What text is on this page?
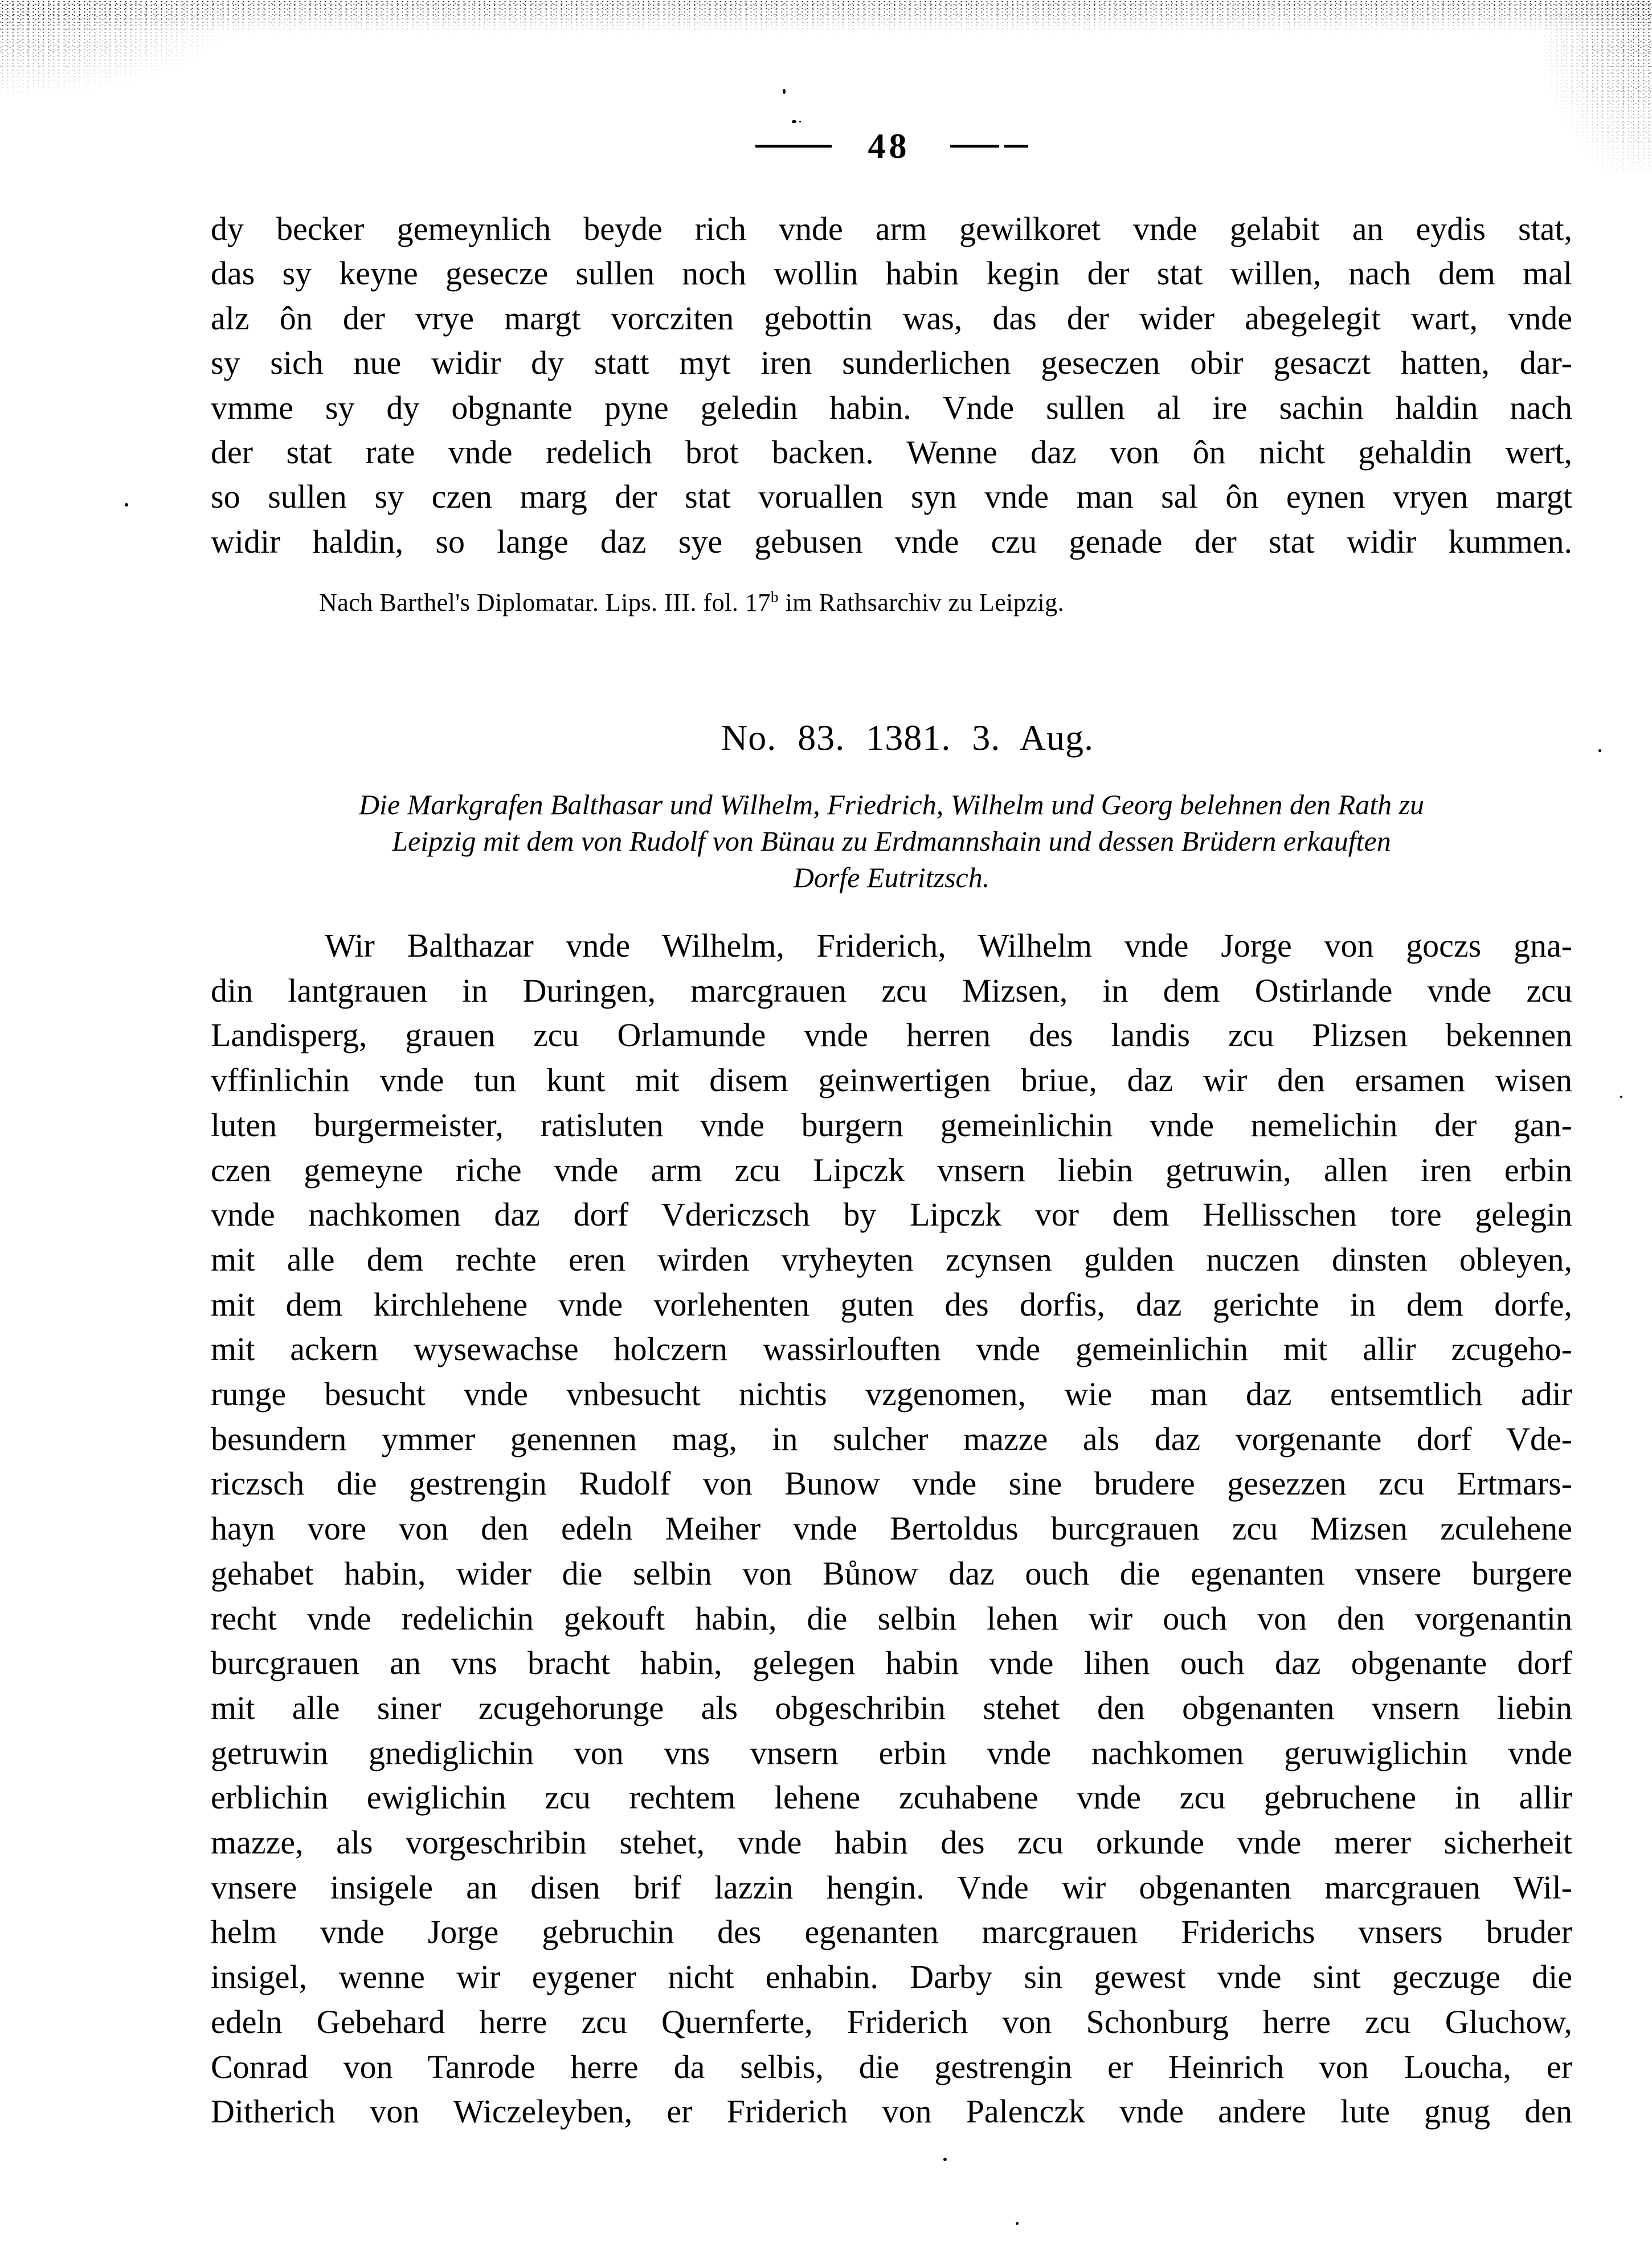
48
dy becker gemeynlich beyde rich vnde arm gewilkoret vnde gelabit an eydis stat,
das sy keyne gesecze sullen noch wollin habin kegin der stat willen, nach dem mal
alz ôn der vrye margt vorcziten gebottin was, das der wider abegelegit wart, vnde
sy sich nue widir dy statt myt iren sunderlichen geseczen obir gesaczt hatten, dar-
vmme sy dy obgnante pyne geledin habin. Vnde sullen al ire sachin haldin nach
der stat rate vnde redelich brot backen. Wenne daz von ôn nicht gehaldin wert,
so sullen sy czen marg der stat voruallen syn vnde man sal ôn eynen vryen margt
widir haldin, so lange daz sye gebusen vnde czu genade der stat widir kummen.
Nach Barthel's Diplomatar. Lips. III. fol. 17$^b$ im Rathsarchiv zu Leipzig.
No. 83. 1381. 3. Aug.
Die Markgrafen Balthasar und Wilhelm, Friedrich, Wilhelm und Georg belehnen den Rath zu
Leipzig mit dem von Rudolf von Bünau zu Erdmannshain und dessen Brüdern erkauften
Dorfe Eutritzsch.
Wir Balthazar vnde Wilhelm, Friderich, Wilhelm vnde Jorge von goczs gna-
din lantgrauen in Duringen, marcgrauen zcu Mizsen, in dem Ostirlande vnde zcu
Landisperg, grauen zcu Orlamunde vnde herren des landis zcu Plizsen bekennen
vffinlichin vnde tun kunt mit disem geinwertigen briue, daz wir den ersamen wisen
luten burgermeister, ratisluten vnde burgern gemeinlichin vnde nemelichin der gan-
czen gemeyne riche vnde arm zcu Lipczk vnsern liebin getruwin, allen iren erbin
vnde nachkomen daz dorf Vdericzsch by Lipczk vor dem Hellisschen tore gelegin
mit alle dem rechte eren wirden vryheyten zcynsen gulden nuczen dinsten obleyen,
mit dem kirchlehene vnde vorlehenten guten des dorfis, daz gerichte in dem dorfe,
mit ackern wysewachse holczern wassirlouften vnde gemeinlichin mit allir zcugeho-
runge besucht vnde vnbesucht nichtis vzgenomen, wie man daz entsemtlich adir
besundern ymmer genennen mag, in sulcher mazze als daz vorgenante dorf Vde-
riczsch die gestrengin Rudolf von Bunow vnde sine brudere gesezzen zcu Ertmars-
hayn vore von den edeln Meiher vnde Bertoldus burcgrauen zcu Mizsen zculehene
gehabet habin, wider die selbin von Bůnow daz ouch die egenanten vnsere burgere
recht vnde redelichin gekouft habin, die selbin lehen wir ouch von den vorgenantin
burcgrauen an vns bracht habin, gelegen habin vnde lihen ouch daz obgenante dorf
mit alle siner zcugehorunge als obgeschribin stehet den obgenanten vnsern liebin
getruwin gnediglichin von vns vnsern erbin vnde nachkomen geruwiglichin vnde
erblichin ewiglichin zcu rechtem lehene zcuhabene vnde zcu gebruchene in allir
mazze, als vorgeschribin stehet, vnde habin des zcu orkunde vnde merer sicherheit
vnsere insigele an disen brif lazzin hengin. Vnde wir obgenanten marcgrauen Wil-
helm vnde Jorge gebruchin des egenanten marcgrauen Friderichs vnsers bruder
insigel, wenne wir eygener nicht enhabin. Darby sin gewest vnde sint geczuge die
edeln Gebehard herre zcu Quernferte, Friderich von Schonburg herre zcu Gluchow,
Conrad von Tanrode herre da selbis, die gestrengin er Heinrich von Loucha, er
Ditherich von Wiczeleyben, er Friderich von Palenczk vnde andere lute gnug den
